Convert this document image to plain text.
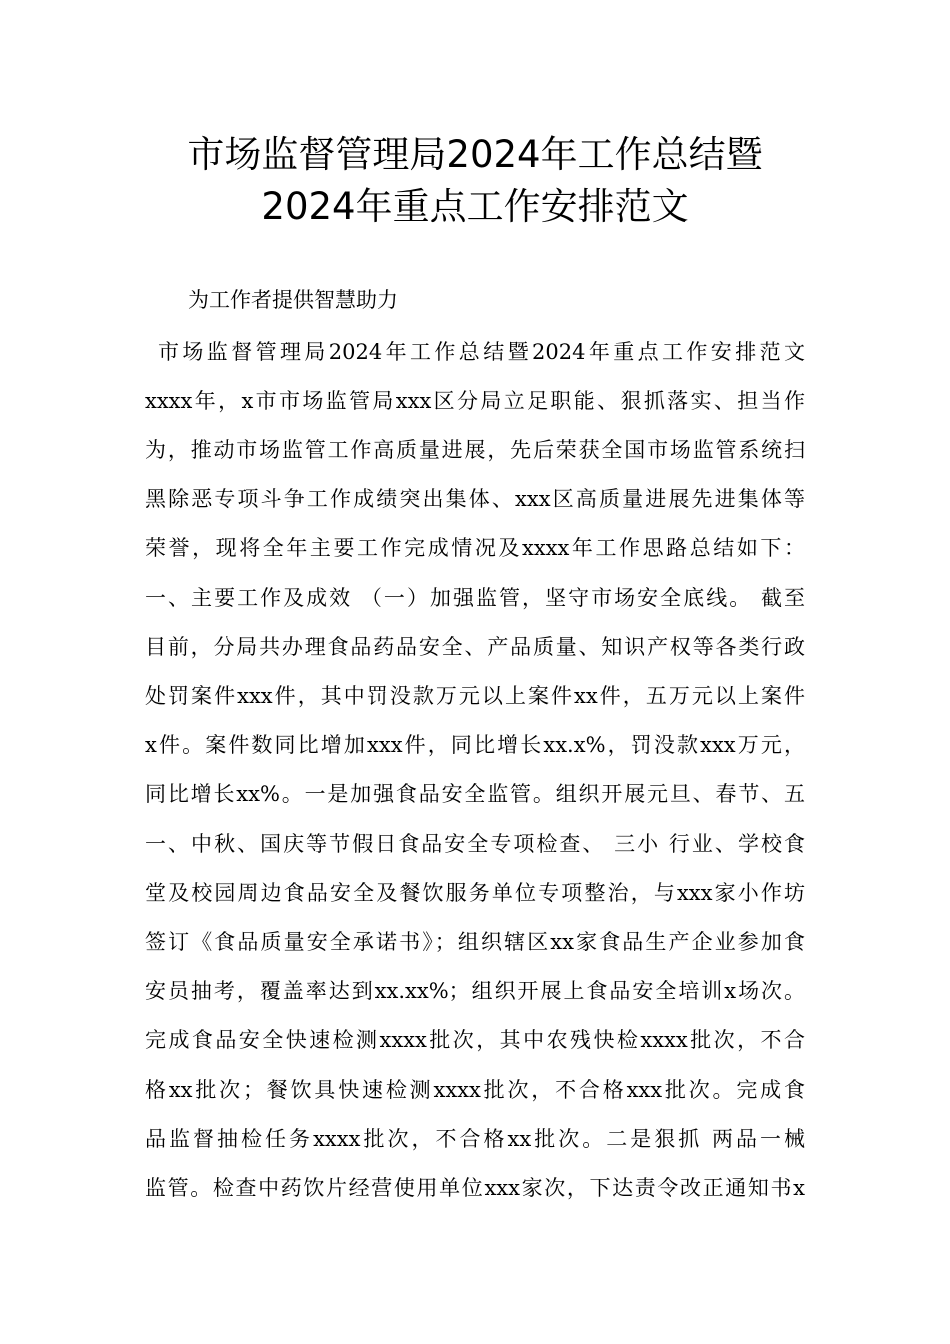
市场监督管理局2024年工作总结暨
2024年重点工作安排范文
为工作者提供智慧助力
市场监督管理局2024年工作总结暨2024年重点工作安排范文
xxxx年，x市市场监管局xxx区分局立足职能、狠抓落实、担当作
为，推动市场监管工作高质量进展，先后荣获全国市场监管系统扫
黑除恶专项斗争工作成绩突出集体、xxx区高质量进展先进集体等
荣誉，现将全年主要工作完成情况及xxxx年工作思路总结如下：
一、主要工作及成效 （一）加强监管，坚守市场安全底线。 截至
目前，分局共办理食品药品安全、产品质量、知识产权等各类行政
处罚案件xxx件，其中罚没款万元以上案件xx件，五万元以上案件
x件。案件数同比增加xxx件，同比增长xx.x%，罚没款xxx万元，
同比增长xx%。一是加强食品安全监管。组织开展元旦、春节、五
一、中秋、国庆等节假日食品安全专项检查、 三小 行业、学校食
堂及校园周边食品安全及餐饮服务单位专项整治，与xxx家小作坊
签订《食品质量安全承诺书》；组织辖区xx家食品生产企业参加食
安员抽考，覆盖率达到xx.xx%；组织开展上食品安全培训x场次。
完成食品安全快速检测xxxx批次，其中农残快检xxxx批次，不合
格xx批次；餐饮具快速检测xxxx批次，不合格xxx批次。完成食
品监督抽检任务xxxx批次，不合格xx批次。二是狠抓 两品一械
监管。检查中药饮片经营使用单位xxx家次，下达责令改正通知书x
